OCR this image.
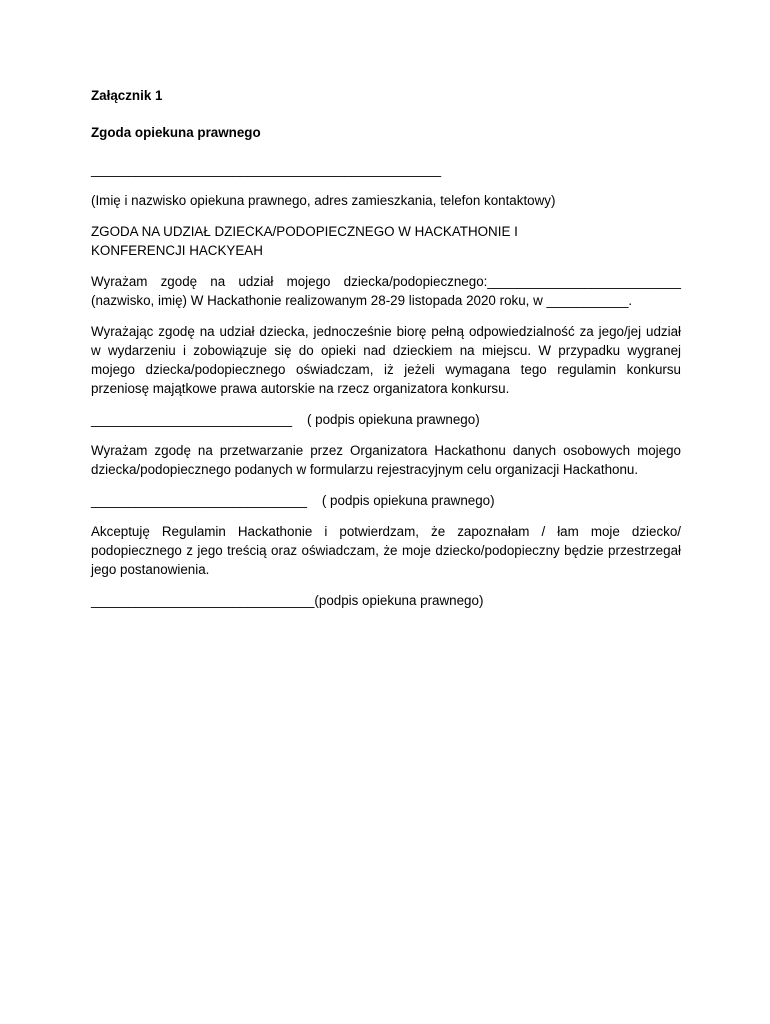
Załącznik 1

Zgoda opiekuna prawnego

_______________________________________________

(Imię i nazwisko opiekuna prawnego, adres zamieszkania, telefon kontaktowy)

ZGODA NA UDZIAŁ DZIECKA/PODOPIECZNEGO W HACKATHONIE I

KONFERENCJI HACKYEAH

Wyrażam zgodę na udział mojego dziecka/podopiecznego:__________________________

(nazwisko, imię) W Hackathonie realizowanym 28-29 listopada 2020 roku, w ___________.

Wyrażając zgodę na udział dziecka, jednocześnie biorę pełną odpowiedzialność za jego/jej udział w wydarzeniu i zobowiązuje się do opieki nad dzieckiem na miejscu. W przypadku wygranej mojego dziecka/podopiecznego oświadczam, iż jeżeli wymagana tego regulamin konkursu przeniosę majątkowe prawa autorskie na rzecz organizatora konkursu.

___________________________    ( podpis opiekuna prawnego)

Wyrażam zgodę na przetwarzanie przez Organizatora Hackathonu danych osobowych mojego dziecka/podopiecznego podanych w formularzu rejestracyjnym celu organizacji Hackathonu.

_____________________________    ( podpis opiekuna prawnego)

Akceptuję Regulamin Hackathonie i potwierdzam, że zapoznałam / łam moje dziecko/ podopiecznego z jego treścią oraz oświadczam, że moje dziecko/podopieczny będzie przestrzegał jego postanowienia.

______________________________(podpis opiekuna prawnego)
